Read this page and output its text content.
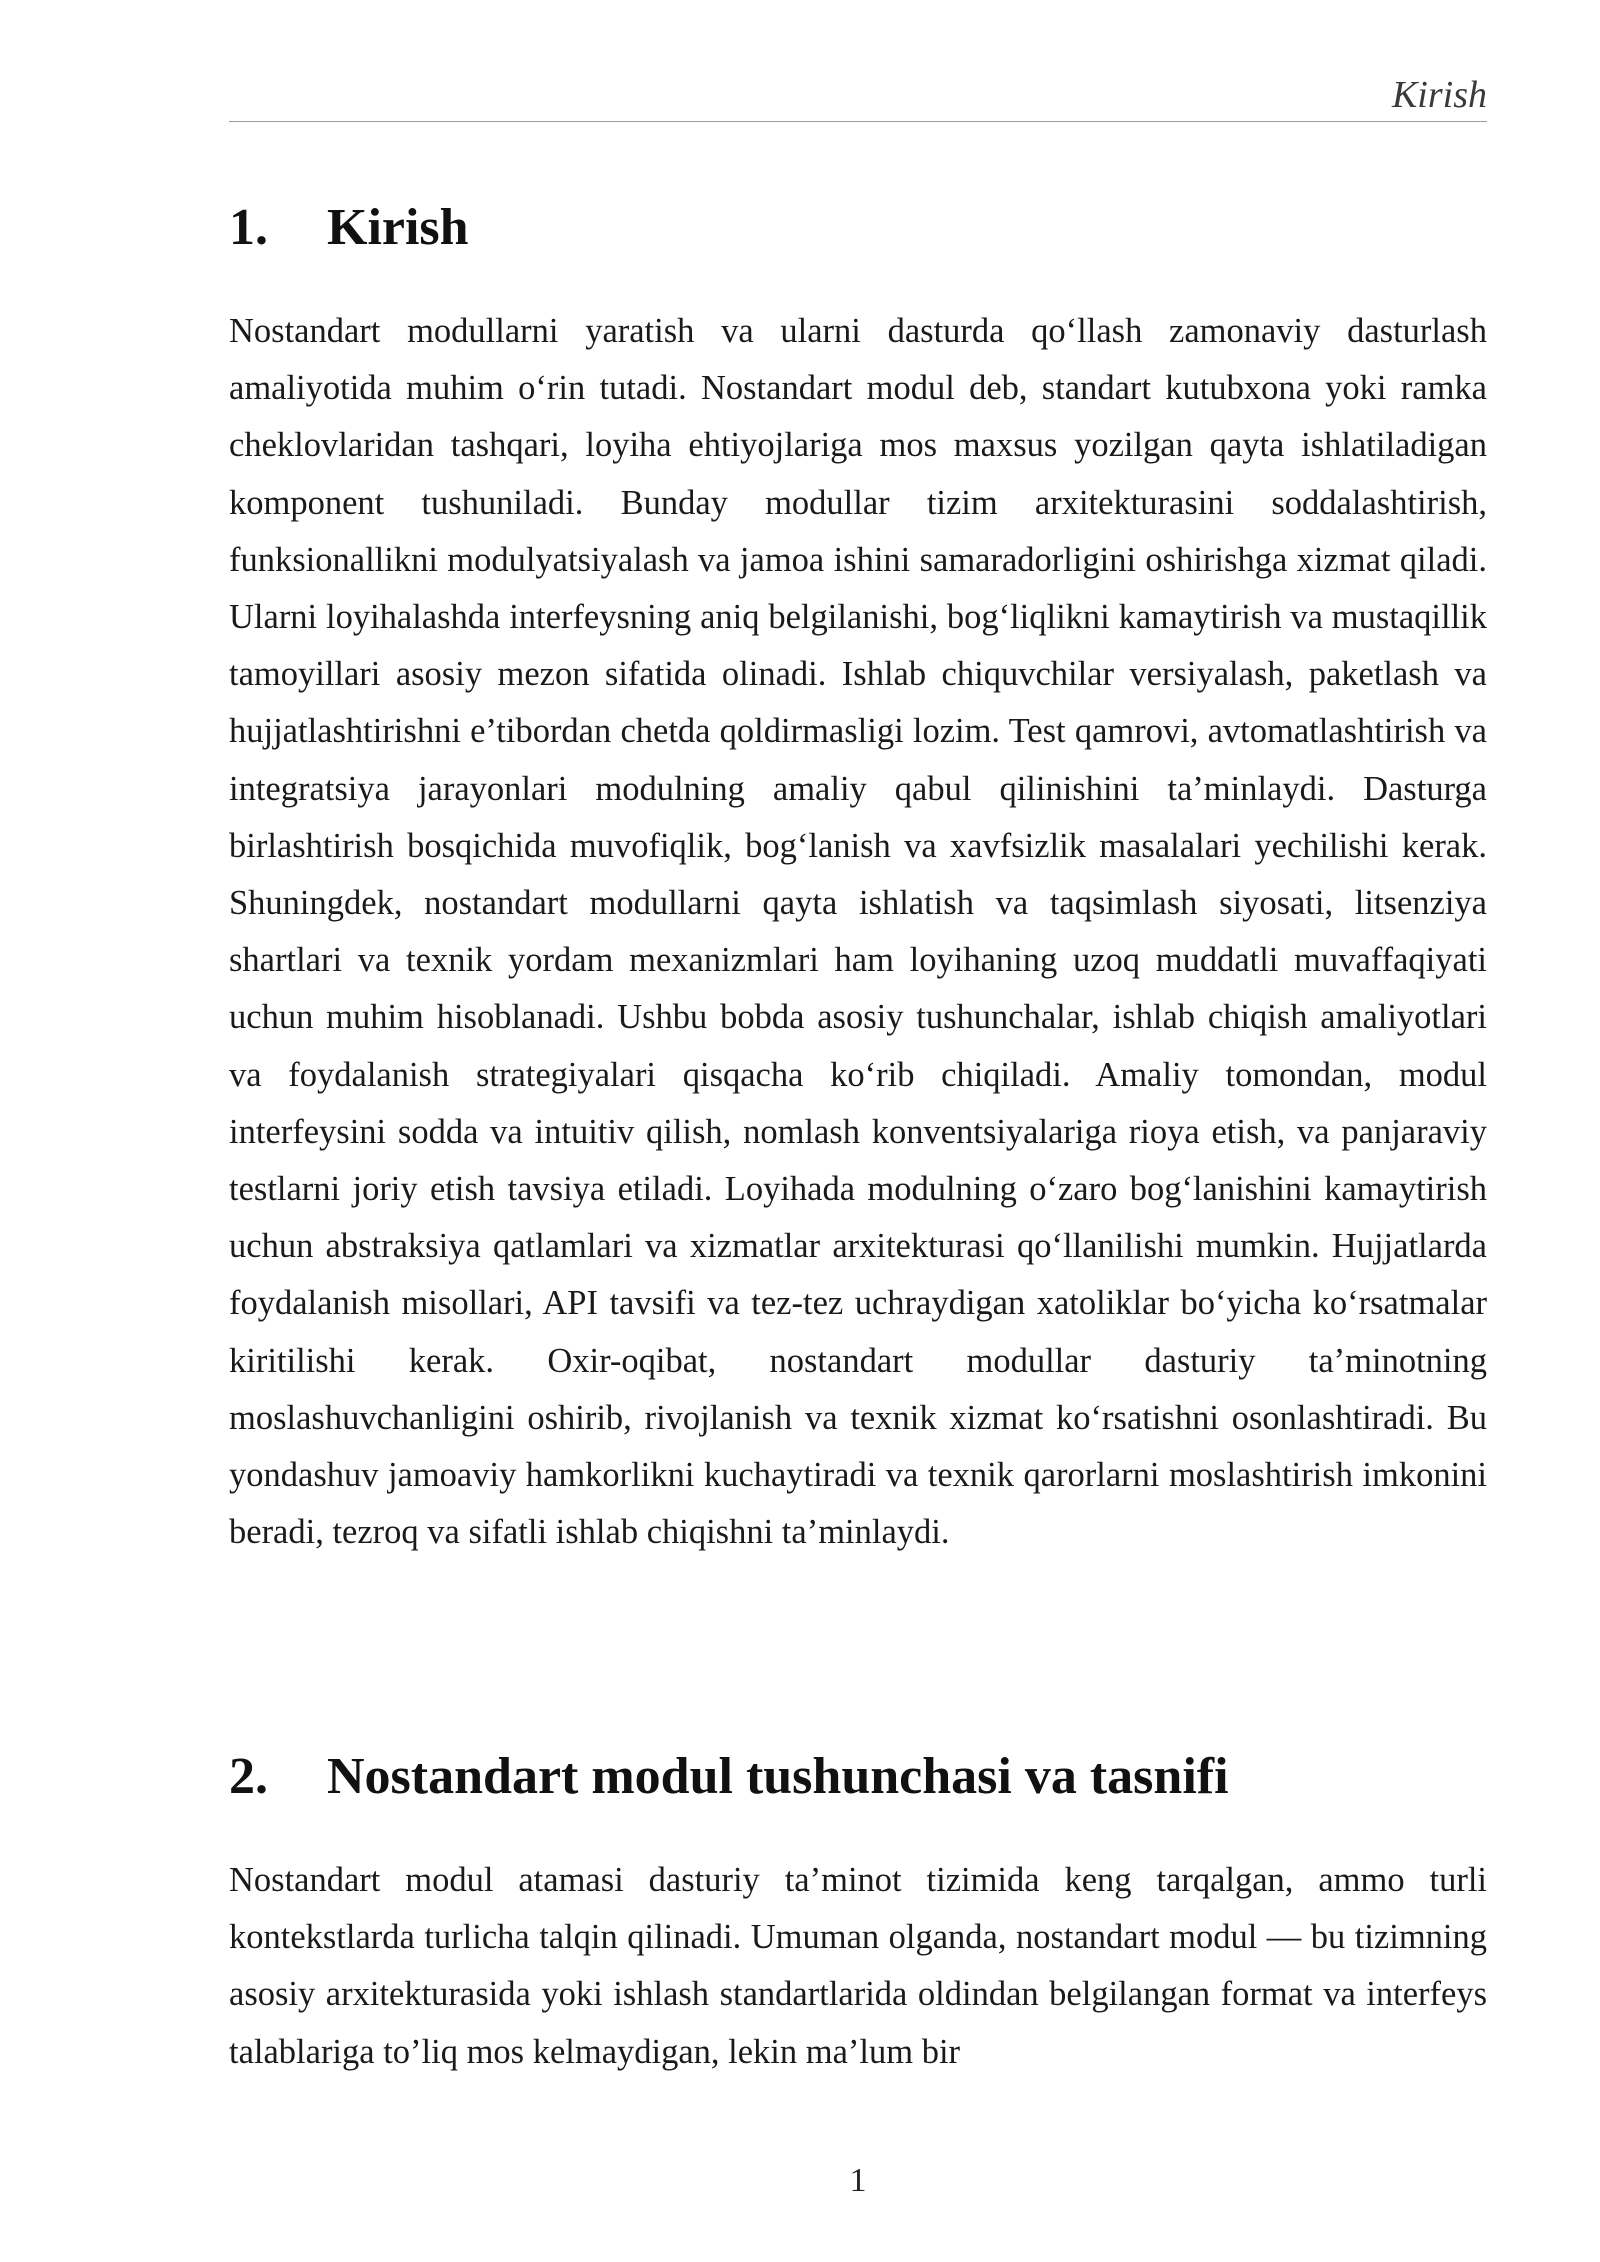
Kirish
1. Kirish

Nostandart modullarni yaratish va ularni dasturda qo‘llash zamonaviy dasturlash amaliyotida muhim o‘rin tutadi. Nostandart modul deb, standart kutubxona yoki ramka cheklovlaridan tashqari, loyiha ehtiyojlariga mos maxsus yozilgan qayta ishlatiladigan komponent tushuniladi. Bunday modullar tizim arxitekturasini soddalashtirish, funksionallikni modulyatsiyalash va jamoa ishini samaradorligini oshirishga xizmat qiladi. Ularni loyihalashda interfeysning aniq belgilanishi, bog‘liqlikni kamaytirish va mustaqillik tamoyillari asosiy mezon sifatida olinadi. Ishlab chiquvchilar versiyalash, paketlash va hujjatlashtirishni e’tibordan chetda qoldirmasligi lozim. Test qamrovi, avtomatlashtirish va integratsiya jarayonlari modulning amaliy qabul qilinishini ta’minlaydi. Dasturga birlashtirish bosqichida muvofiqlik, bog‘lanish va xavfsizlik masalalari yechilishi kerak. Shuningdek, nostandart modullarni qayta ishlatish va taqsimlash siyosati, litsenziya shartlari va texnik yordam mexanizmlari ham loyihaning uzoq muddatli muvaffaqiyati uchun muhim hisoblanadi. Ushbu bobda asosiy tushunchalar, ishlab chiqish amaliyotlari va foydalanish strategiyalari qisqacha ko‘rib chiqiladi. Amaliy tomondan, modul interfeysini sodda va intuitiv qilish, nomlash konventsiyalariga rioya etish, va panjaraviy testlarni joriy etish tavsiya etiladi. Loyihada modulning o‘zaro bog‘lanishini kamaytirish uchun abstraksiya qatlamlari va xizmatlar arxitekturasi qo‘llanilishi mumkin. Hujjatlarda foydalanish misollari, API tavsifi va tez-tez uchraydigan xatoliklar bo‘yicha ko‘rsatmalar kiritilishi kerak. Oxir-oqibat, nostandart modullar dasturiy ta’minotning moslashuvchanligini oshirib, rivojlanish va texnik xizmat ko‘rsatishni osonlashtiradi. Bu yondashuv jamoaviy hamkorlikni kuchaytiradi va texnik qarorlarni moslashtirish imkonini beradi, tezroq va sifatli ishlab chiqishni ta’minlaydi.

2. Nostandart modul tushunchasi va tasnifi

Nostandart modul atamasi dasturiy ta’minot tizimida keng tarqalgan, ammo turli kontekstlarda turlicha talqin qilinadi. Umuman olganda, nostandart modul — bu tizimning asosiy arxitekturasida yoki ishlash standartlarida oldindan belgilangan format va interfeys talablariga to’liq mos kelmaydigan, lekin ma’lum bir

1
